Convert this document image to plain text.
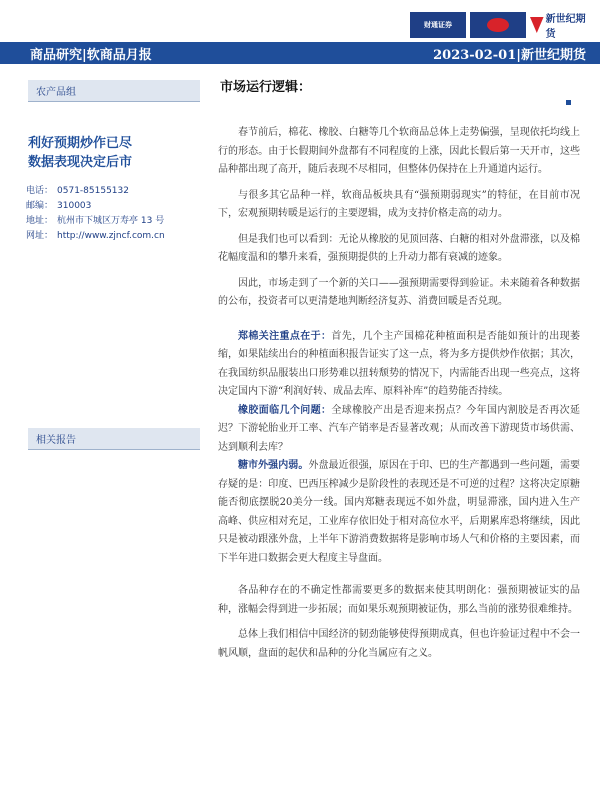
财通证券	新世纪期货
商品研究|软商品月报	2023-02-01|新世纪期货
农产品组
利好预期炒作已尽
数据表现决定后市
电话： 0571-85155132
邮编： 310003
地址： 杭州市下城区万寿亭 13 号
网址： http://www.zjncf.com.cn
相关报告
市场运行逻辑：

春节前后，棉花、橡胶、白糖等几个软商品总体上走势偏强，呈现依托均线上行的形态。由于长假期间外盘都有不同程度的上涨，因此长假后第一天开市，这些品种都出现了高开，随后表现不尽相同，但整体仍保持在上升通道内运行。

与很多其它品种一样，软商品板块具有“强预期弱现实”的特征，在目前市况下，宏观预期转暖是运行的主要逻辑，成为支持价格走高的动力。

但是我们也可以看到：无论从橡胶的见顶回落、白糖的相对外盘滞涨，以及棉花幅度温和的攀升来看，强预期提供的上升动力都有衰减的迹象。

因此，市场走到了一个新的关口——强预期需要得到验证。未来随着各种数据的公布，投资者可以更清楚地判断经济复苏、消费回暖是否兑现。

郑棉关注重点在于：首先，几个主产国棉花种植面积是否能如预计的出现萎缩，如果陆续出台的种植面积报告证实了这一点，将为多方提供炒作依据；其次，在我国纺织品服装出口形势难以扭转颓势的情况下，内需能否出现一些亮点，这将决定国内下游“利润好转、成品去库、原料补库”的趋势能否持续。

橡胶面临几个问题：全球橡胶产出是否迎来拐点？今年国内割胶是否再次延迟？下游轮胎业开工率、汽车产销率是否显著改观；从而改善下游现货市场供需、达到顺利去库？

糖市外强内弱。外盘最近很强，原因在于印、巴的生产都遇到一些问题，需要存疑的是：印度、巴西压榨减少是阶段性的表现还是不可逆的过程？这将决定原糖能否彻底摆脱20美分一线。国内郑糖表现远不如外盘，明显滞涨，国内进入生产高峰、供应相对充足，工业库存依旧处于相对高位水平，后期累库恐将继续，因此只是被动跟涨外盘，上半年下游消费数据将是影响市场人气和价格的主要因素，而下半年进口数据会更大程度主导盘面。

各品种存在的不确定性都需要更多的数据来使其明朗化：强预期被证实的品种，涨幅会得到进一步拓展；而如果乐观预期被证伪，那么当前的涨势很难维持。

总体上我们相信中国经济的韧劲能够使得预期成真，但也许验证过程中不会一帆风顺，盘面的起伏和品种的分化当属应有之义。
